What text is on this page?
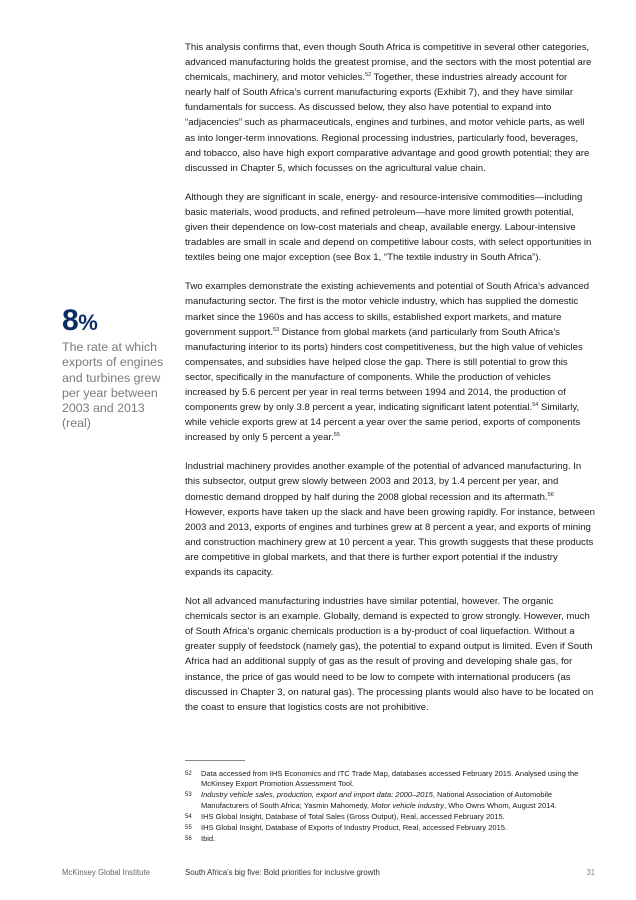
This analysis confirms that, even though South Africa is competitive in several other categories, advanced manufacturing holds the greatest promise, and the sectors with the most potential are chemicals, machinery, and motor vehicles.$^{52}$ Together, these industries already account for nearly half of South Africa’s current manufacturing exports (Exhibit 7), and they have similar fundamentals for success. As discussed below, they also have potential to expand into “adjacencies” such as pharmaceuticals, engines and turbines, and motor vehicle parts, as well as into longer-term innovations. Regional processing industries, particularly food, beverages, and tobacco, also have high export comparative advantage and good growth potential; they are discussed in Chapter 5, which focusses on the agricultural value chain.

Although they are significant in scale, energy- and resource-intensive commodities—including basic materials, wood products, and refined petroleum—have more limited growth potential, given their dependence on low-cost materials and cheap, available energy. Labour-intensive tradables are small in scale and depend on competitive labour costs, with select opportunities in textiles being one major exception (see Box 1, “The textile industry in South Africa”).

Two examples demonstrate the existing achievements and potential of South Africa’s advanced manufacturing sector. The first is the motor vehicle industry, which has supplied the domestic market since the 1960s and has access to skills, established export markets, and mature government support.$^{53}$ Distance from global markets (and particularly from South Africa’s manufacturing interior to its ports) hinders cost competitiveness, but the high value of vehicles compensates, and subsidies have helped close the gap. There is still potential to grow this sector, specifically in the manufacture of components. While the production of vehicles increased by 5.6 percent per year in real terms between 1994 and 2014, the production of components grew by only 3.8 percent a year, indicating significant latent potential.$^{54}$ Similarly, while vehicle exports grew at 14 percent a year over the same period, exports of components increased by only 5 percent a year.$^{55}$

Industrial machinery provides another example of the potential of advanced manufacturing. In this subsector, output grew slowly between 2003 and 2013, by 1.4 percent per year, and domestic demand dropped by half during the 2008 global recession and its aftermath.$^{56}$ However, exports have taken up the slack and have been growing rapidly. For instance, between 2003 and 2013, exports of engines and turbines grew at 8 percent a year, and exports of mining and construction machinery grew at 10 percent a year. This growth suggests that these products are competitive in global markets, and that there is further export potential if the industry expands its capacity.

Not all advanced manufacturing industries have similar potential, however. The organic chemicals sector is an example. Globally, demand is expected to grow strongly. However, much of South Africa’s organic chemicals production is a by-product of coal liquefaction. Without a greater supply of feedstock (namely gas), the potential to expand output is limited. Even if South Africa had an additional supply of gas as the result of proving and developing shale gas, for instance, the price of gas would need to be low to compete with international producers (as discussed in Chapter 3, on natural gas). The processing plants would also have to be located on the coast to ensure that logistics costs are not prohibitive.

8%
The rate at which exports of engines and turbines grew per year between 2003 and 2013 (real)
52	Data accessed from IHS Economics and ITC Trade Map, databases accessed February 2015. Analysed using the McKinsey Export Promotion Assessment Tool.
53	Industry vehicle sales, production, export and import data: 2000–2015, National Association of Automobile Manufacturers of South Africa; Yasmin Mahomedy, Motor vehicle industry, Who Owns Whom, August 2014.
54	IHS Global Insight, Database of Total Sales (Gross Output), Real, accessed February 2015.
55	IHS Global Insight, Database of Exports of Industry Product, Real, accessed February 2015.
56	Ibid.
McKinsey Global Institute	South Africa’s big five: Bold priorities for inclusive growth	31
